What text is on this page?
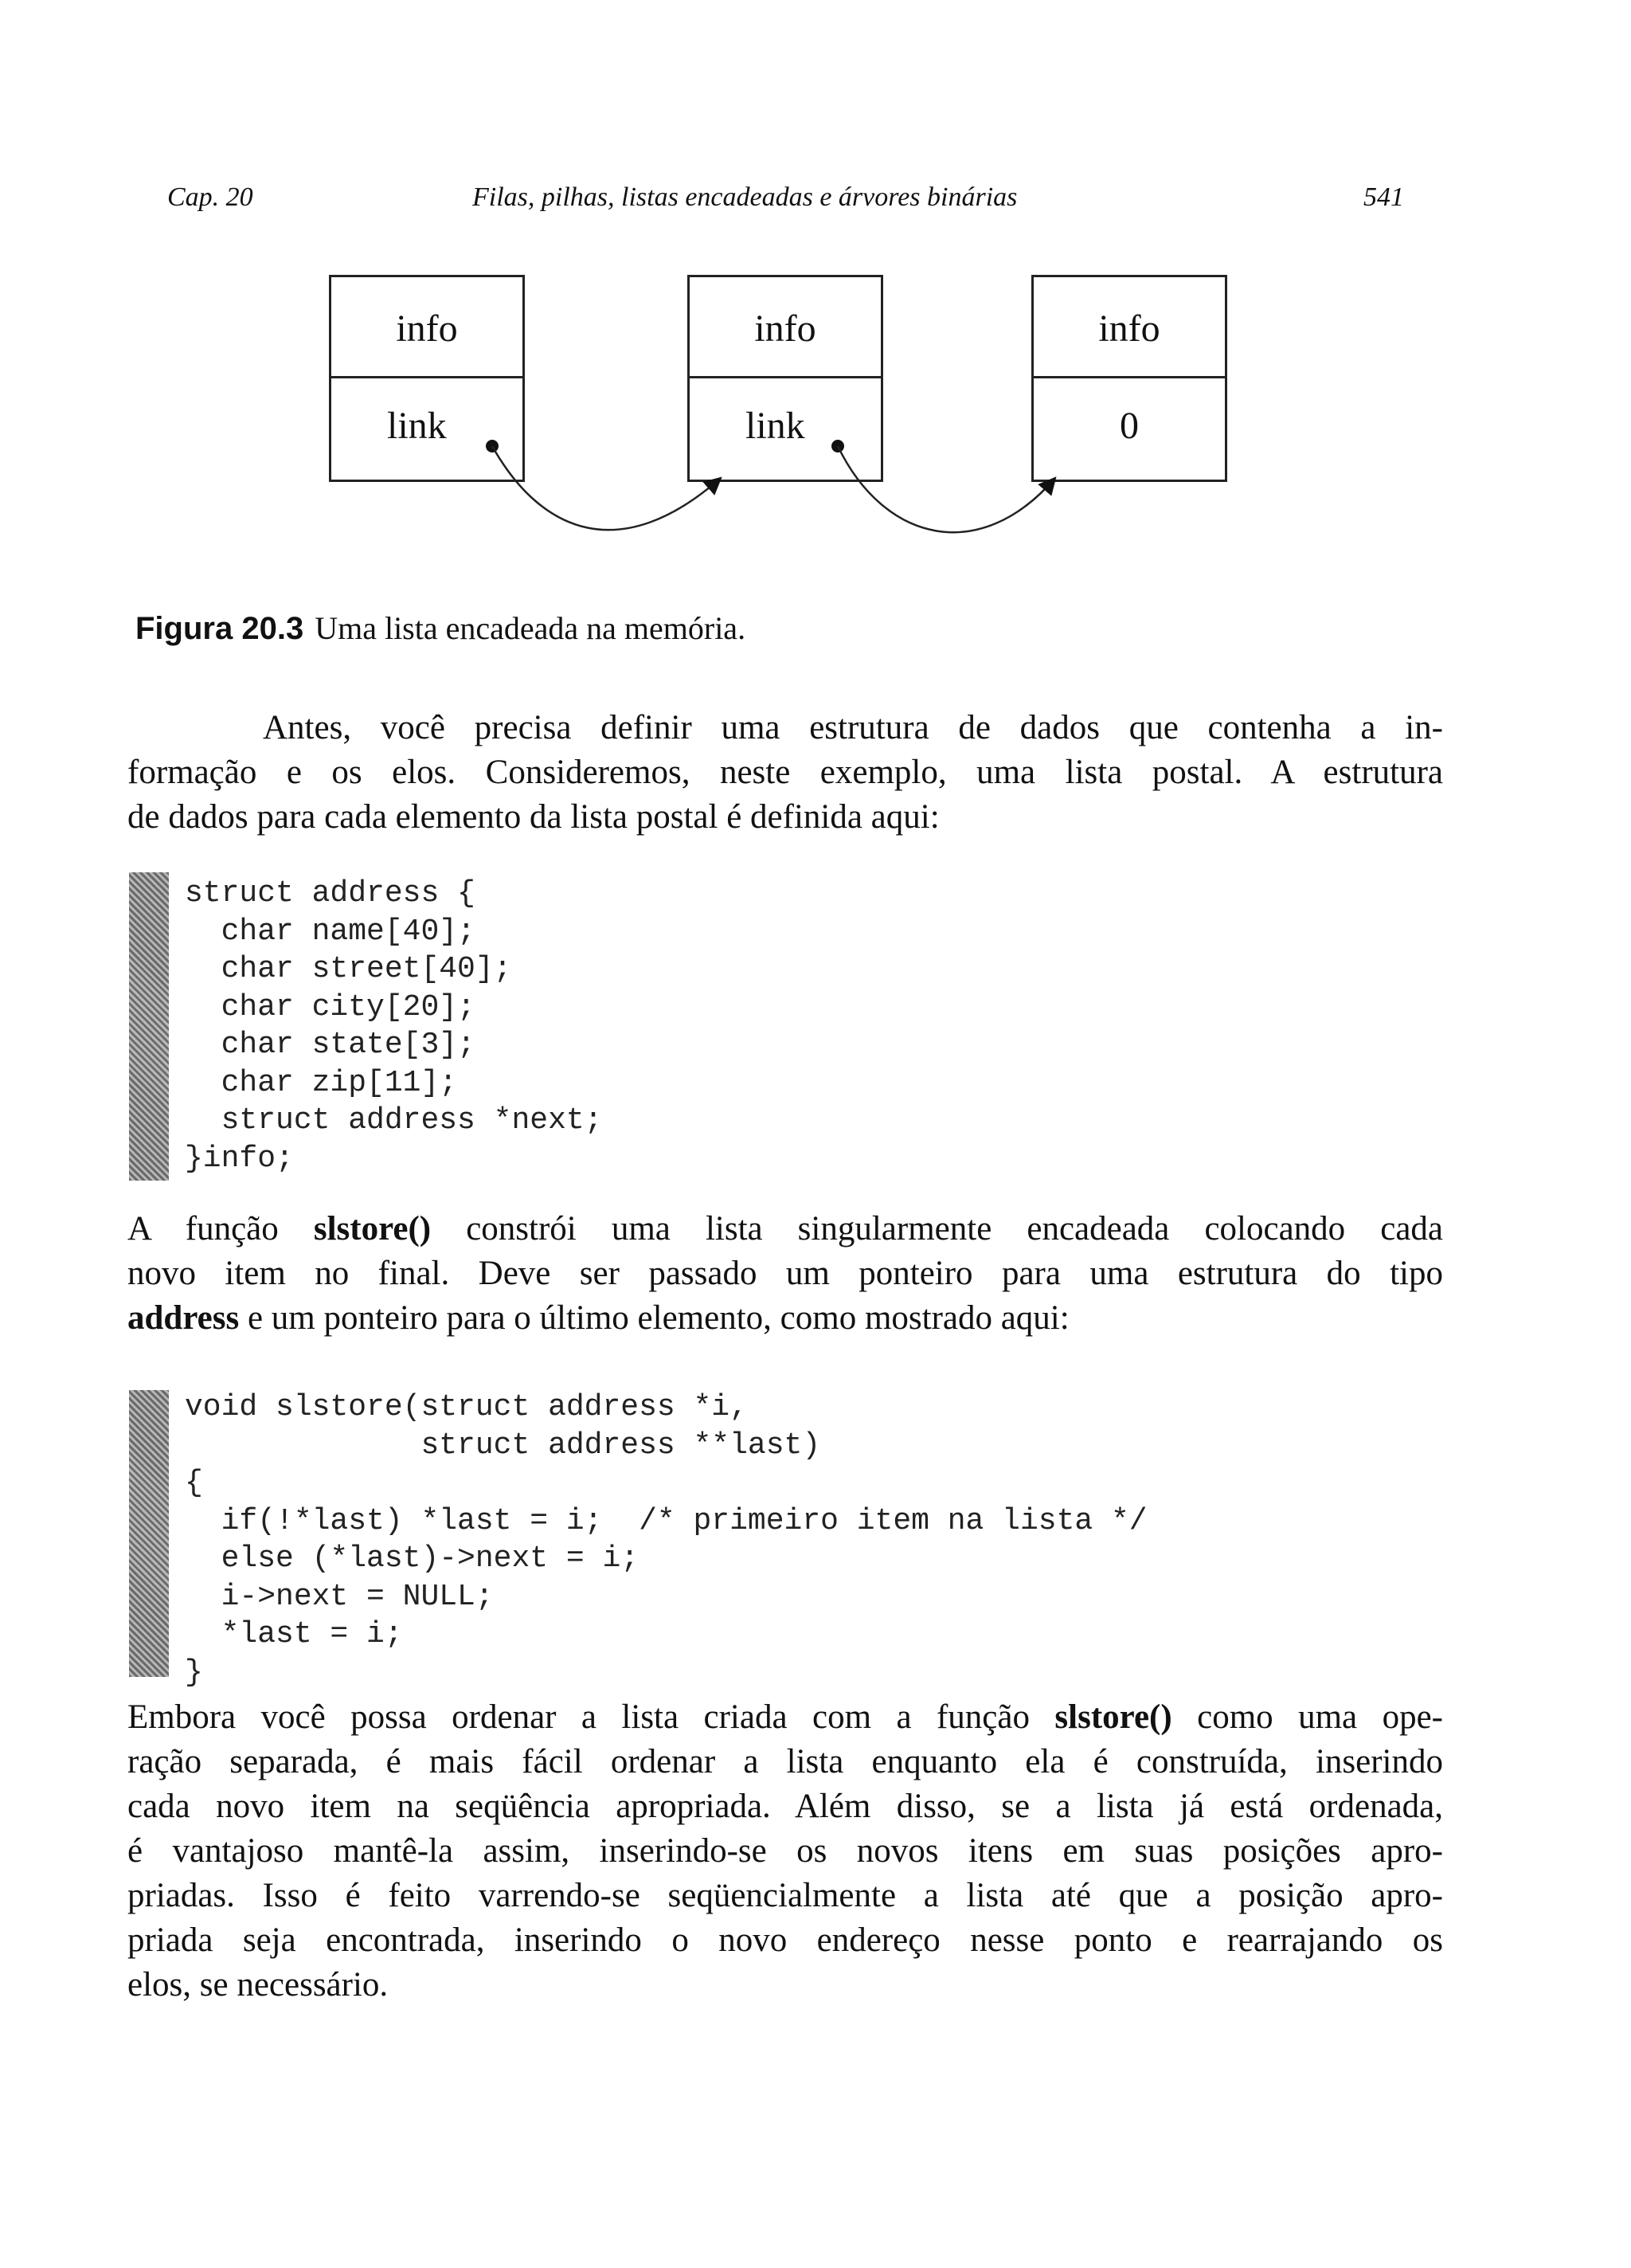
Cap. 20	Filas, pilhas, listas encadeadas e árvores binárias	541
info
link
info
link
info
0
Figura 20.3 Uma lista encadeada na memória.
Antes, você precisa definir uma estrutura de dados que contenha a in-
formação e os elos. Consideremos, neste exemplo, uma lista postal. A estrutura
de dados para cada elemento da lista postal é definida aqui:
struct address {
char name[40];
char street[40];
char city[20];
char state[3];
char zip[11];
struct address *next;
}info;
A função slstore() constrói uma lista singularmente encadeada colocando cada
novo item no final. Deve ser passado um ponteiro para uma estrutura do tipo
address e um ponteiro para o último elemento, como mostrado aqui:
void slstore(struct address *i,
struct address **last)
{
if(!*last) *last = i;  /* primeiro item na lista */
else (*last)->next = i;
i->next = NULL;
*last = i;
}
Embora você possa ordenar a lista criada com a função slstore() como uma ope-
ração separada, é mais fácil ordenar a lista enquanto ela é construída, inserindo
cada novo item na seqüência apropriada. Além disso, se a lista já está ordenada,
é vantajoso mantê-la assim, inserindo-se os novos itens em suas posições apro-
priadas. Isso é feito varrendo-se seqüencialmente a lista até que a posição apro-
priada seja encontrada, inserindo o novo endereço nesse ponto e rearrajando os
elos, se necessário.
